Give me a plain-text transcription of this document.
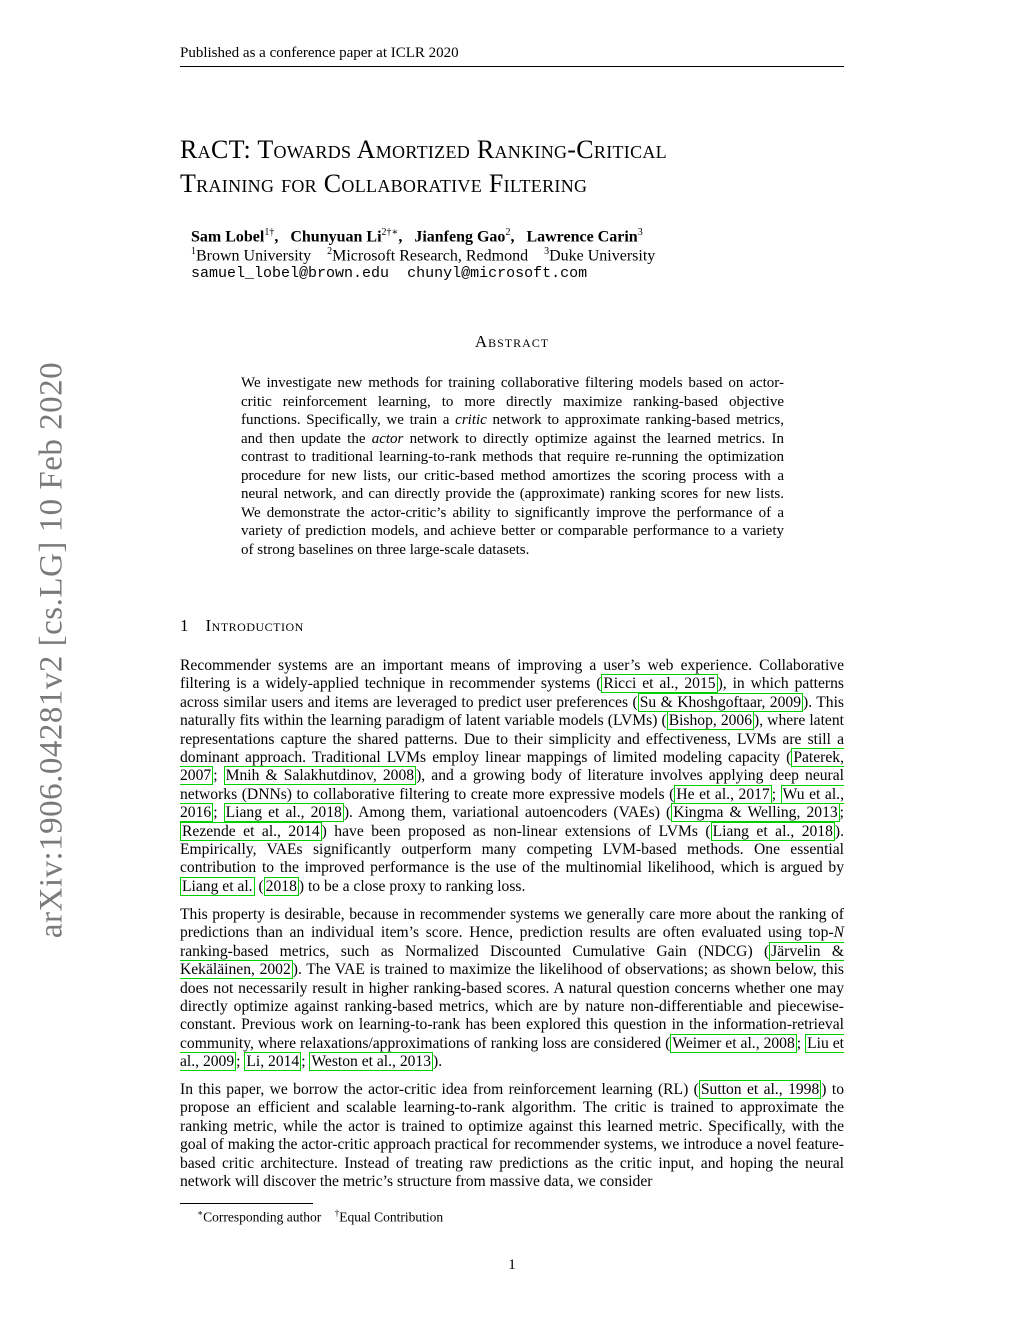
Published as a conference paper at ICLR 2020
arXiv:1906.04281v2 [cs.LG] 10 Feb 2020
RaCT: Towards Amortized Ranking-Critical
Training for Collaborative Filtering
Sam Lobel$^{1\dagger}$,   Chunyuan $Li^{2\dagger∗}$,   Jianfeng Gao$^2$,   Lawrence Carin$^3$
$^1$Brown University $^2$Microsoft Research, Redmond $^3$Duke University
samuel_lobel@brown.edu chunyl@microsoft.com
Abstract
We investigate new methods for training collaborative filtering models based on actor-critic reinforcement learning, to more directly maximize ranking-based objective functions. Specifically, we train a critic network to approximate ranking-based metrics, and then update the actor network to directly optimize against the learned metrics. In contrast to traditional learning-to-rank methods that require re-running the optimization procedure for new lists, our critic-based method amortizes the scoring process with a neural network, and can directly provide the (approximate) ranking scores for new lists. We demonstrate the actor-critic’s ability to significantly improve the performance of a variety of prediction models, and achieve better or comparable performance to a variety of strong baselines on three large-scale datasets.
1 Introduction
Recommender systems are an important means of improving a user’s web experience. Collaborative filtering is a widely-applied technique in recommender systems ( Ricci et al., 2015 ), in which patterns across similar users and items are leveraged to predict user preferences ( Su & Khoshgoftaar, 2009 ). This naturally fits within the learning paradigm of latent variable models (LVMs) ( Bishop, 2006 ), where latent representations capture the shared patterns. Due to their simplicity and effectiveness, LVMs are still a dominant approach. Traditional LVMs employ linear mappings of limited modeling capacity ( Paterek, 2007 ; Mnih & Salakhutdinov, 2008 ), and a growing body of literature involves applying deep neural networks (DNNs) to collaborative filtering to create more expressive models ( He et al., 2017 ; Wu et al., 2016 ; Liang et al., 2018 ). Among them, variational autoencoders (VAEs) ( Kingma & Welling, 2013 ; Rezende et al., 2014 ) have been proposed as non-linear extensions of LVMs ( Liang et al., 2018 ). Empirically, VAEs significantly outperform many competing LVM-based methods. One essential contribution to the improved performance is the use of the multinomial likelihood, which is argued by Liang et al. ( 2018 ) to be a close proxy to ranking loss.
This property is desirable, because in recommender systems we generally care more about the ranking of predictions than an individual item’s score. Hence, prediction results are often evaluated using top-N ranking-based metrics, such as Normalized Discounted Cumulative Gain (NDCG) ( Järvelin & Kekäläinen, 2002 ). The VAE is trained to maximize the likelihood of observations; as shown below, this does not necessarily result in higher ranking-based scores. A natural question concerns whether one may directly optimize against ranking-based metrics, which are by nature non-differentiable and piecewise-constant. Previous work on learning-to-rank has been explored this question in the information-retrieval community, where relaxations/approximations of ranking loss are considered ( Weimer et al., 2008 ; Liu et al., 2009 ; Li, 2014 ; Weston et al., 2013 ).
In this paper, we borrow the actor-critic idea from reinforcement learning (RL) ( Sutton et al., 1998 ) to propose an efficient and scalable learning-to-rank algorithm. The critic is trained to approximate the ranking metric, while the actor is trained to optimize against this learned metric. Specifically, with the goal of making the actor-critic approach practical for recommender systems, we introduce a novel feature-based critic architecture. Instead of treating raw predictions as the critic input, and hoping the neural network will discover the metric’s structure from massive data, we consider
∗Corresponding author †Equal Contribution
1
